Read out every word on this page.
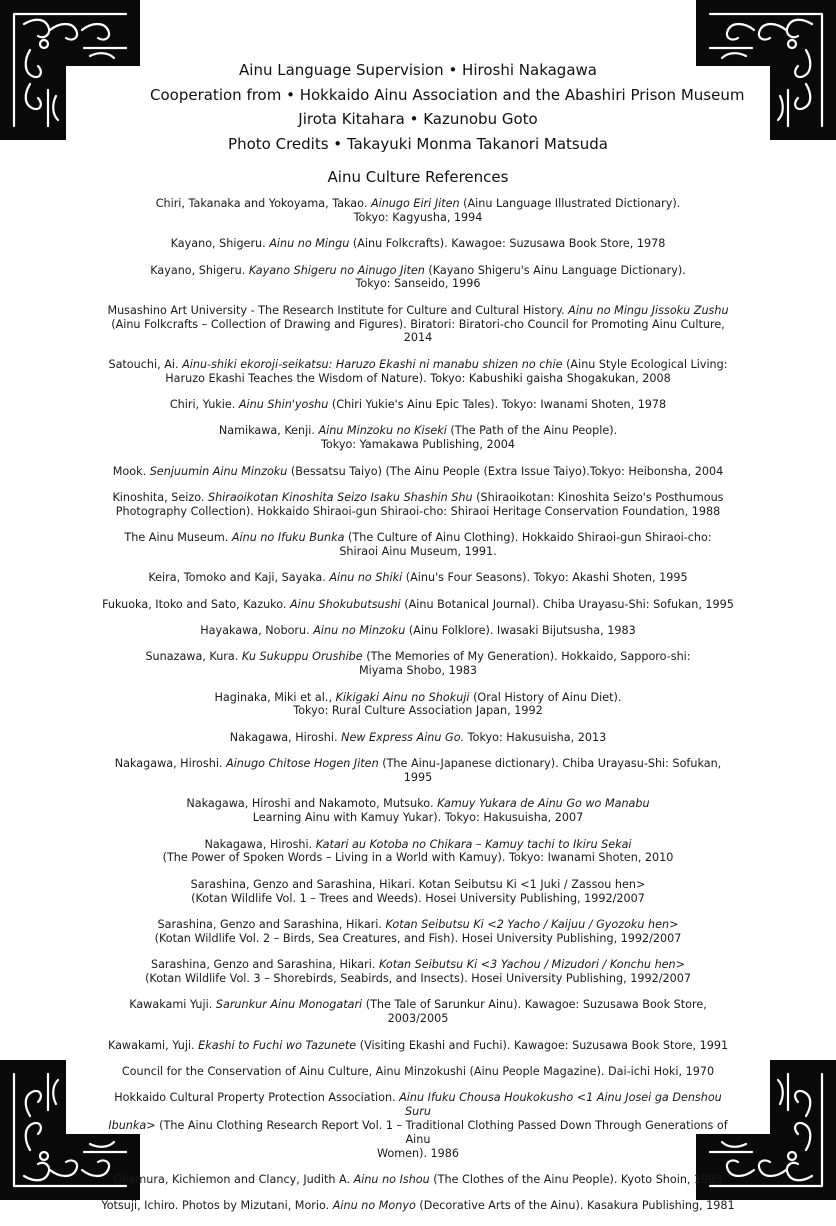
Ainu Language Supervision • Hiroshi Nakagawa
Cooperation from • Hokkaido Ainu Association and the Abashiri Prison Museum
Jirota Kitahara • Kazunobu Goto
Photo Credits • Takayuki Monma Takanori Matsuda
Ainu Culture References
Chiri, Takanaka and Yokoyama, Takao. Ainugo Eiri Jiten (Ainu Language Illustrated Dictionary).
Tokyo: Kagyusha, 1994
Kayano, Shigeru. Ainu no Mingu (Ainu Folkcrafts). Kawagoe: Suzusawa Book Store, 1978
Kayano, Shigeru. Kayano Shigeru no Ainugo Jiten (Kayano Shigeru's Ainu Language Dictionary).
Tokyo: Sanseido, 1996
Musashino Art University - The Research Institute for Culture and Cultural History. Ainu no Mingu Jissoku Zushu
(Ainu Folkcrafts – Collection of Drawing and Figures). Biratori: Biratori-cho Council for Promoting Ainu Culture, 2014
Satouchi, Ai. Ainu-shiki ekoroji-seikatsu: Haruzo Ekashi ni manabu shizen no chie (Ainu Style Ecological Living:
Haruzo Ekashi Teaches the Wisdom of Nature). Tokyo: Kabushiki gaisha Shogakukan, 2008
Chiri, Yukie. Ainu Shin'yoshu (Chiri Yukie's Ainu Epic Tales). Tokyo: Iwanami Shoten, 1978
Namikawa, Kenji. Ainu Minzoku no Kiseki (The Path of the Ainu People).
Tokyo: Yamakawa Publishing, 2004
Mook. Senjuumin Ainu Minzoku (Bessatsu Taiyo) (The Ainu People (Extra Issue Taiyo).Tokyo: Heibonsha, 2004
Kinoshita, Seizo. Shiraoikotan Kinoshita Seizo Isaku Shashin Shu (Shiraoikotan: Kinoshita Seizo's Posthumous
Photography Collection). Hokkaido Shiraoi-gun Shiraoi-cho: Shiraoi Heritage Conservation Foundation, 1988
The Ainu Museum. Ainu no Ifuku Bunka (The Culture of Ainu Clothing). Hokkaido Shiraoi-gun Shiraoi-cho:
Shiraoi Ainu Museum, 1991.
Keira, Tomoko and Kaji, Sayaka. Ainu no Shiki (Ainu's Four Seasons). Tokyo: Akashi Shoten, 1995
Fukuoka, Itoko and Sato, Kazuko. Ainu Shokubutsushi (Ainu Botanical Journal). Chiba Urayasu-Shi: Sofukan, 1995
Hayakawa, Noboru. Ainu no Minzoku (Ainu Folklore). Iwasaki Bijutsusha, 1983
Sunazawa, Kura. Ku Sukuppu Orushibe (The Memories of My Generation). Hokkaido, Sapporo-shi:
Miyama Shobo, 1983
Haginaka, Miki et al., Kikigaki Ainu no Shokuji (Oral History of Ainu Diet).
Tokyo: Rural Culture Association Japan, 1992
Nakagawa, Hiroshi. New Express Ainu Go. Tokyo: Hakusuisha, 2013
Nakagawa, Hiroshi. Ainugo Chitose Hogen Jiten (The Ainu-Japanese dictionary). Chiba Urayasu-Shi: Sofukan, 1995
Nakagawa, Hiroshi and Nakamoto, Mutsuko. Kamuy Yukara de Ainu Go wo Manabu
Learning Ainu with Kamuy Yukar). Tokyo: Hakusuisha, 2007
Nakagawa, Hiroshi. Katari au Kotoba no Chikara – Kamuy tachi to Ikiru Sekai
(The Power of Spoken Words – Living in a World with Kamuy). Tokyo: Iwanami Shoten, 2010
Sarashina, Genzo and Sarashina, Hikari. Kotan Seibutsu Ki <1 Juki / Zassou hen>
(Kotan Wildlife Vol. 1 – Trees and Weeds). Hosei University Publishing, 1992/2007
Sarashina, Genzo and Sarashina, Hikari. Kotan Seibutsu Ki <2 Yacho / Kaijuu / Gyozoku hen>
(Kotan Wildlife Vol. 2 – Birds, Sea Creatures, and Fish). Hosei University Publishing, 1992/2007
Sarashina, Genzo and Sarashina, Hikari. Kotan Seibutsu Ki <3 Yachou / Mizudori / Konchu hen>
(Kotan Wildlife Vol. 3 – Shorebirds, Seabirds, and Insects). Hosei University Publishing, 1992/2007
Kawakami Yuji. Sarunkur Ainu Monogatari (The Tale of Sarunkur Ainu). Kawagoe: Suzusawa Book Store, 2003/2005
Kawakami, Yuji. Ekashi to Fuchi wo Tazunete (Visiting Ekashi and Fuchi). Kawagoe: Suzusawa Book Store, 1991
Council for the Conservation of Ainu Culture, Ainu Minzokushi (Ainu People Magazine). Dai-ichi Hoki, 1970
Hokkaido Cultural Property Protection Association. Ainu Ifuku Chousa Houkokusho <1 Ainu Josei ga Denshou Suru
Ibunka> (The Ainu Clothing Research Report Vol. 1 – Traditional Clothing Passed Down Through Generations of Ainu
Women). 1986
Okamura, Kichiemon and Clancy, Judith A. Ainu no Ishou (The Clothes of the Ainu People). Kyoto Shoin, 1993
Yotsuji, Ichiro. Photos by Mizutani, Morio. Ainu no Monyo (Decorative Arts of the Ainu). Kasakura Publishing, 1981
